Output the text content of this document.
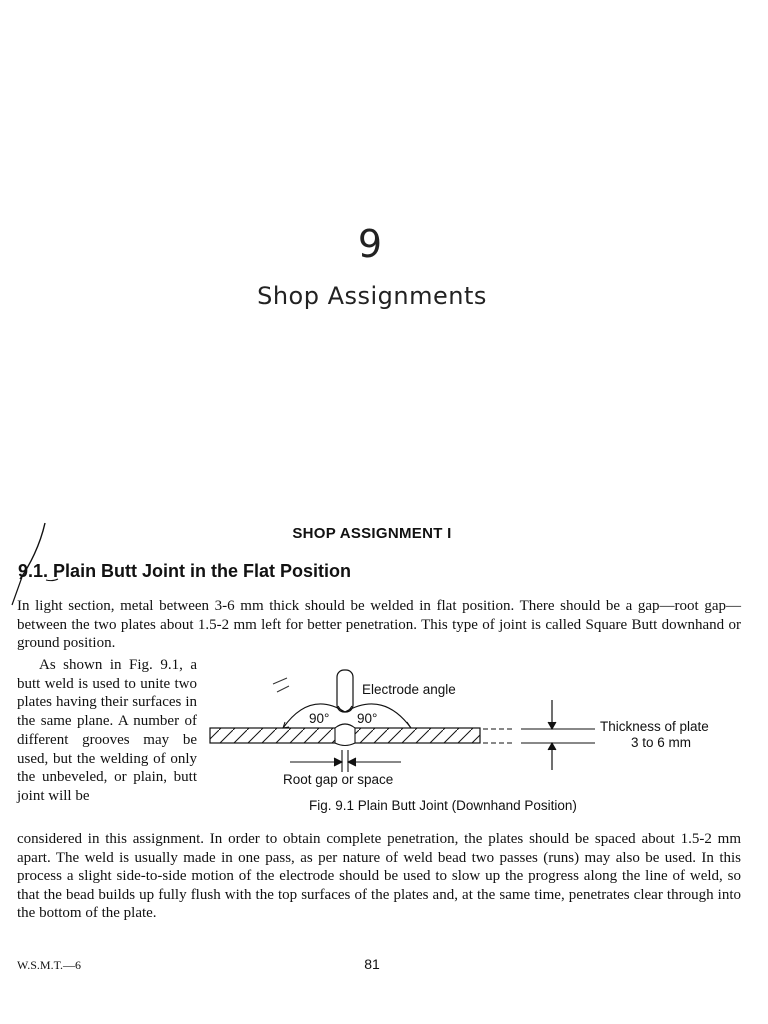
9
Shop Assignments
SHOP ASSIGNMENT I
9.1. Plain Butt Joint in the Flat Position
In light section, metal between 3-6 mm thick should be welded in flat position. There should be a gap—root gap—between the two plates about 1.5-2 mm left for better penetration. This type of joint is called Square Butt downhand or ground position.
As shown in Fig. 9.1, a butt weld is used to unite two plates having their surfaces in the same plane. A number of different grooves may be used, but the welding of only the unbeveled, or plain, butt joint will be
Electrode angle
90° 90°
Thickness of plate
3 to 6 mm
Root gap or space
Fig. 9.1 Plain Butt Joint (Downhand Position)
considered in this assignment. In order to obtain complete penetration, the plates should be spaced about 1.5-2 mm apart. The weld is usually made in one pass, as per nature of weld bead two passes (runs) may also be used. In this process a slight side-to-side motion of the electrode should be used to slow up the progress along the line of weld, so that the bead builds up fully flush with the top surfaces of the plates and, at the same time, penetrates clear through into the bottom of the plate.
W.S.M.T.—6	81
